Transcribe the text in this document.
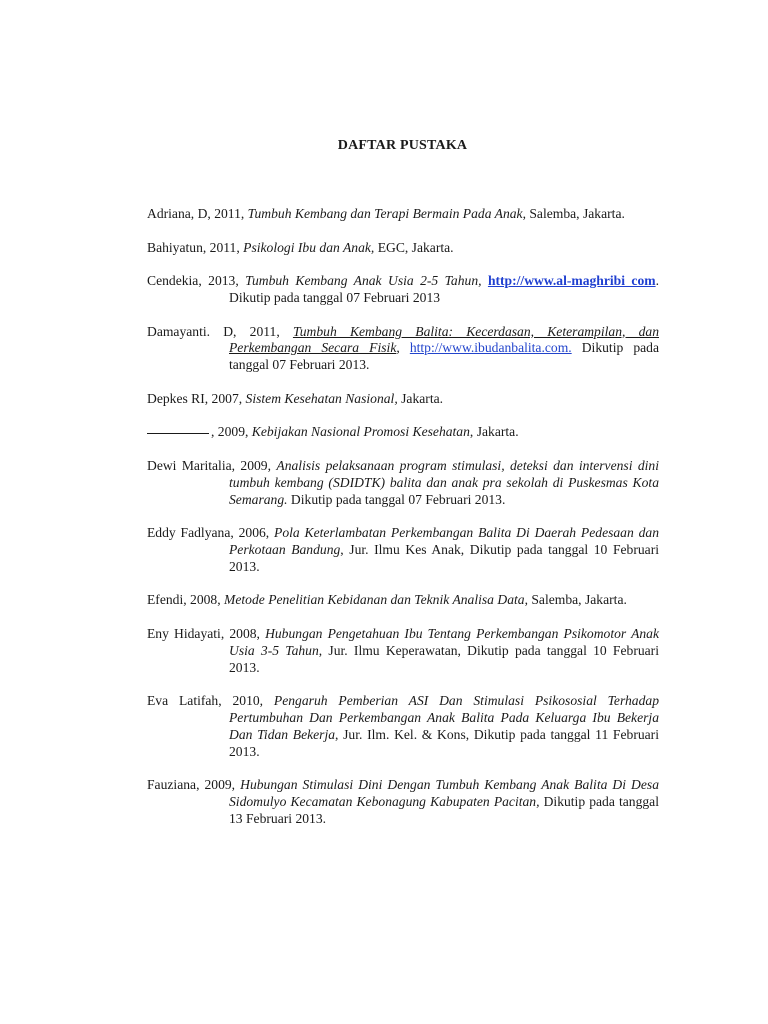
DAFTAR PUSTAKA

Adriana, D, 2011, Tumbuh Kembang dan Terapi Bermain Pada Anak, Salemba, Jakarta.

Bahiyatun, 2011, Psikologi Ibu dan Anak, EGC, Jakarta.

Cendekia, 2013, Tumbuh Kembang Anak Usia 2-5 Tahun, http://www.al-maghribi com. Dikutip pada tanggal 07 Februari 2013

Damayanti. D, 2011, Tumbuh Kembang Balita: Kecerdasan, Keterampilan, dan Perkembangan Secara Fisik, http://www.ibudanbalita.com. Dikutip pada tanggal 07 Februari 2013.

Depkes RI, 2007, Sistem Kesehatan Nasional, Jakarta.

, 2009, Kebijakan Nasional Promosi Kesehatan, Jakarta.

Dewi Maritalia, 2009, Analisis pelaksanaan program stimulasi, deteksi dan intervensi dini tumbuh kembang (SDIDTK) balita dan anak pra sekolah di Puskesmas Kota Semarang. Dikutip pada tanggal 07 Februari 2013.

Eddy Fadlyana, 2006, Pola Keterlambatan Perkembangan Balita Di Daerah Pedesaan dan Perkotaan Bandung, Jur. Ilmu Kes Anak, Dikutip pada tanggal 10 Februari 2013.

Efendi, 2008, Metode Penelitian Kebidanan dan Teknik Analisa Data, Salemba, Jakarta.

Eny Hidayati, 2008, Hubungan Pengetahuan Ibu Tentang Perkembangan Psikomotor Anak Usia 3-5 Tahun, Jur. Ilmu Keperawatan, Dikutip pada tanggal 10 Februari 2013.

Eva Latifah, 2010, Pengaruh Pemberian ASI Dan Stimulasi Psikososial Terhadap Pertumbuhan Dan Perkembangan Anak Balita Pada Keluarga Ibu Bekerja Dan Tidan Bekerja, Jur. Ilm. Kel. & Kons, Dikutip pada tanggal 11 Februari 2013.

Fauziana, 2009, Hubungan Stimulasi Dini Dengan Tumbuh Kembang Anak Balita Di Desa Sidomulyo Kecamatan Kebonagung Kabupaten Pacitan, Dikutip pada tanggal 13 Februari 2013.
